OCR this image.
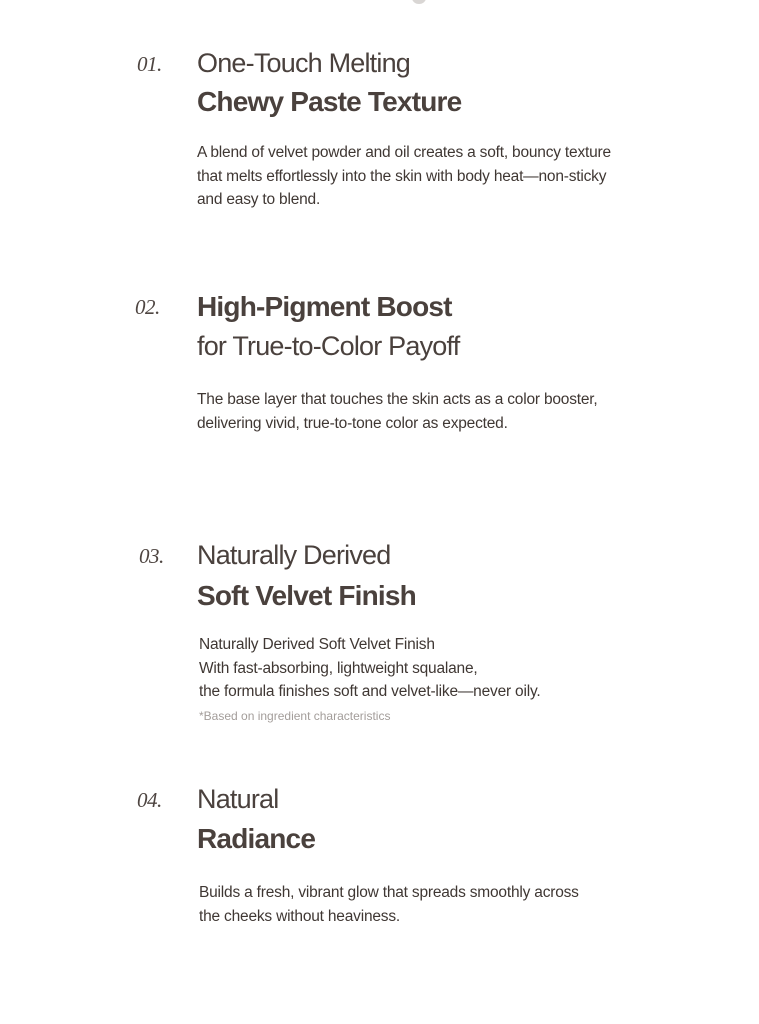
01. One-Touch Melting
Chewy Paste Texture
A blend of velvet powder and oil creates a soft, bouncy texture
that melts effortlessly into the skin with body heat—non-sticky
and easy to blend.
02. High-Pigment Boost
for True-to-Color Payoff
The base layer that touches the skin acts as a color booster,
delivering vivid, true-to-tone color as expected.
03. Naturally Derived
Soft Velvet Finish
Naturally Derived Soft Velvet Finish
With fast-absorbing, lightweight squalane,
the formula finishes soft and velvet-like—never oily.
*Based on ingredient characteristics
04. Natural
Radiance
Builds a fresh, vibrant glow that spreads smoothly across
the cheeks without heaviness.
